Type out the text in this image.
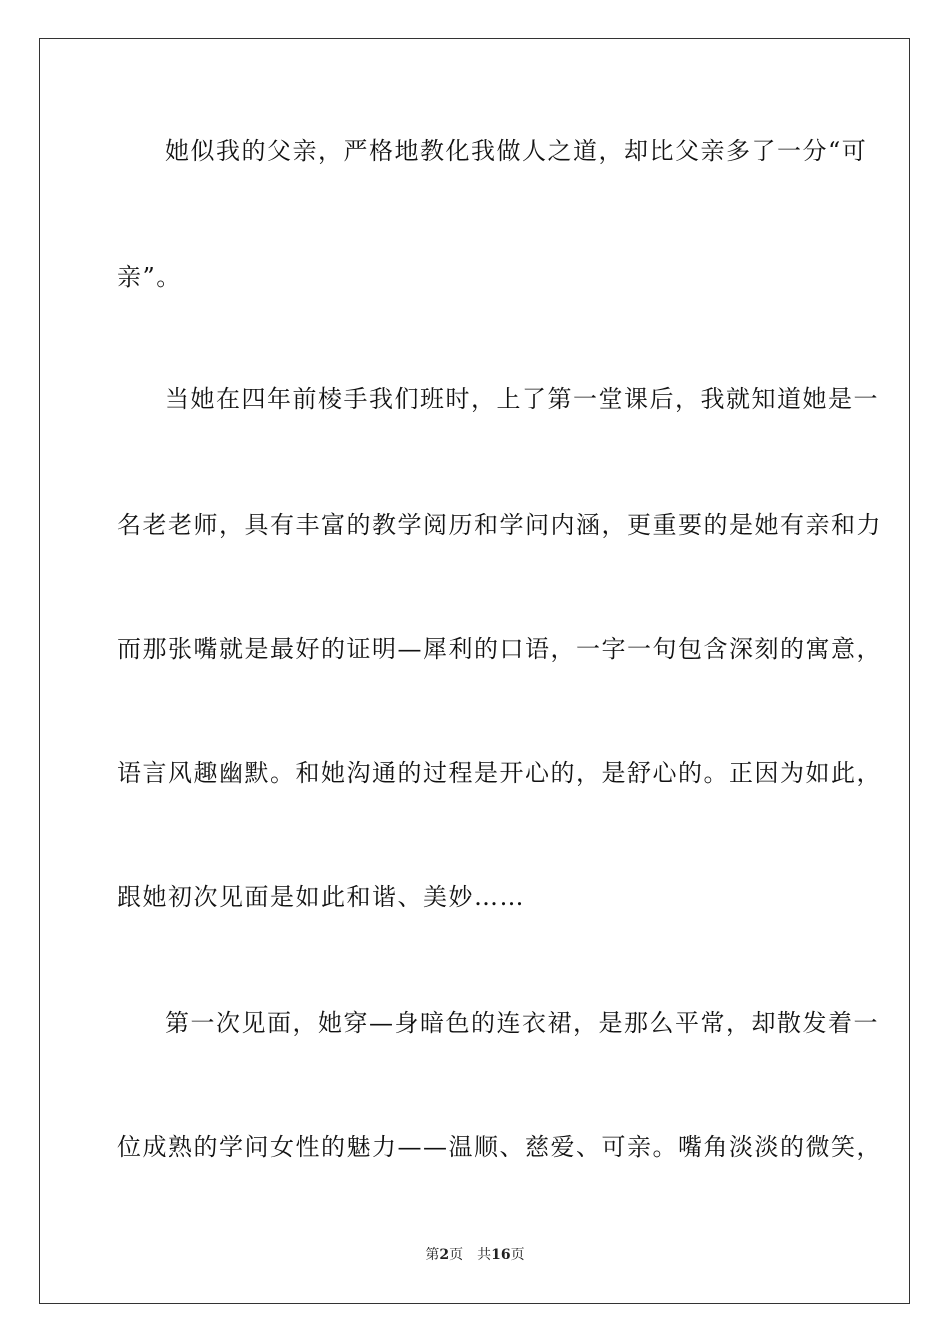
她似我的父亲，严格地教化我做人之道，却比父亲多了一分“可
亲”。
当她在四年前棱手我们班时，上了第一堂课后，我就知道她是一
名老老师，具有丰富的教学阅历和学问内涵，更重要的是她有亲和力
而那张嘴就是最好的证明—犀利的口语，一字一句包含深刻的寓意，
语言风趣幽默。和她沟通的过程是开心的，是舒心的。正因为如此，
跟她初次见面是如此和谐、美妙……
第一次见面，她穿—身暗色的连衣裙，是那么平常，却散发着一
位成熟的学问女性的魅力——温顺、慈爱、可亲。嘴角淡淡的微笑，
第2页 共16页
